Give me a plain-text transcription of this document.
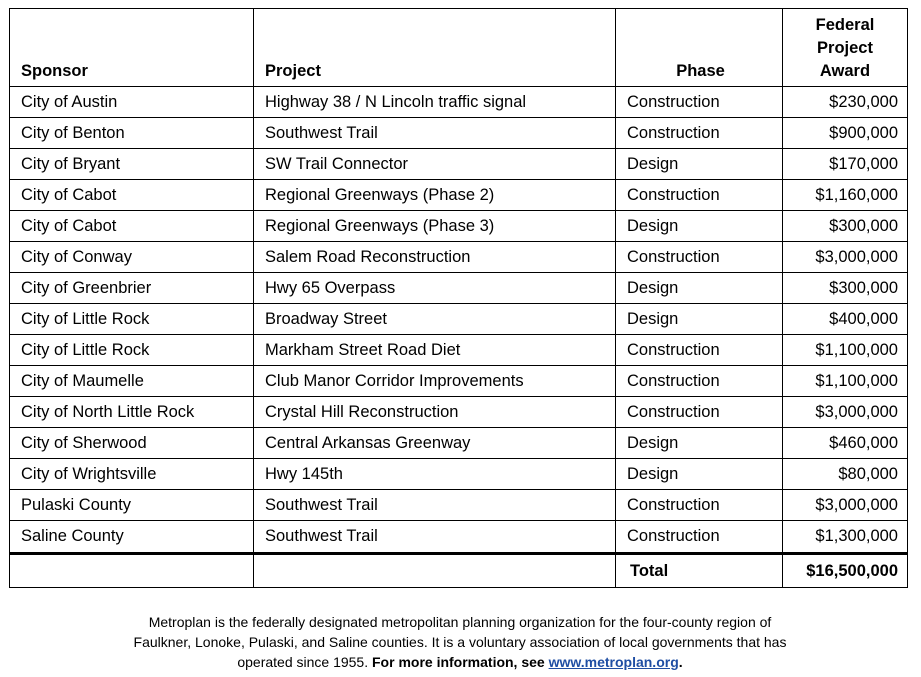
Sponsor	Project	Phase	Federal
Project
Award

City of Austin	Highway 38 / N Lincoln traffic signal	Construction	$230,000
City of Benton	Southwest Trail	Construction	$900,000
City of Bryant	SW Trail Connector	Design	$170,000
City of Cabot	Regional Greenways (Phase 2)	Construction	$1,160,000
City of Cabot	Regional Greenways (Phase 3)	Design	$300,000
City of Conway	Salem Road Reconstruction	Construction	$3,000,000
City of Greenbrier	Hwy 65 Overpass	Design	$300,000
City of Little Rock	Broadway Street	Design	$400,000
City of Little Rock	Markham Street Road Diet	Construction	$1,100,000
City of Maumelle	Club Manor Corridor Improvements	Construction	$1,100,000
City of North Little Rock	Crystal Hill Reconstruction	Construction	$3,000,000
City of Sherwood	Central Arkansas Greenway	Design	$460,000
City of Wrightsville	Hwy 145th	Design	$80,000
Pulaski County	Southwest Trail	Construction	$3,000,000
Saline County	Southwest Trail	Construction	$1,300,000
		Total	$16,500,000
Metroplan is the federally designated metropolitan planning organization for the four-county region of
Faulkner, Lonoke, Pulaski, and Saline counties. It is a voluntary association of local governments that has
operated since 1955. For more information, see www.metroplan.org.
